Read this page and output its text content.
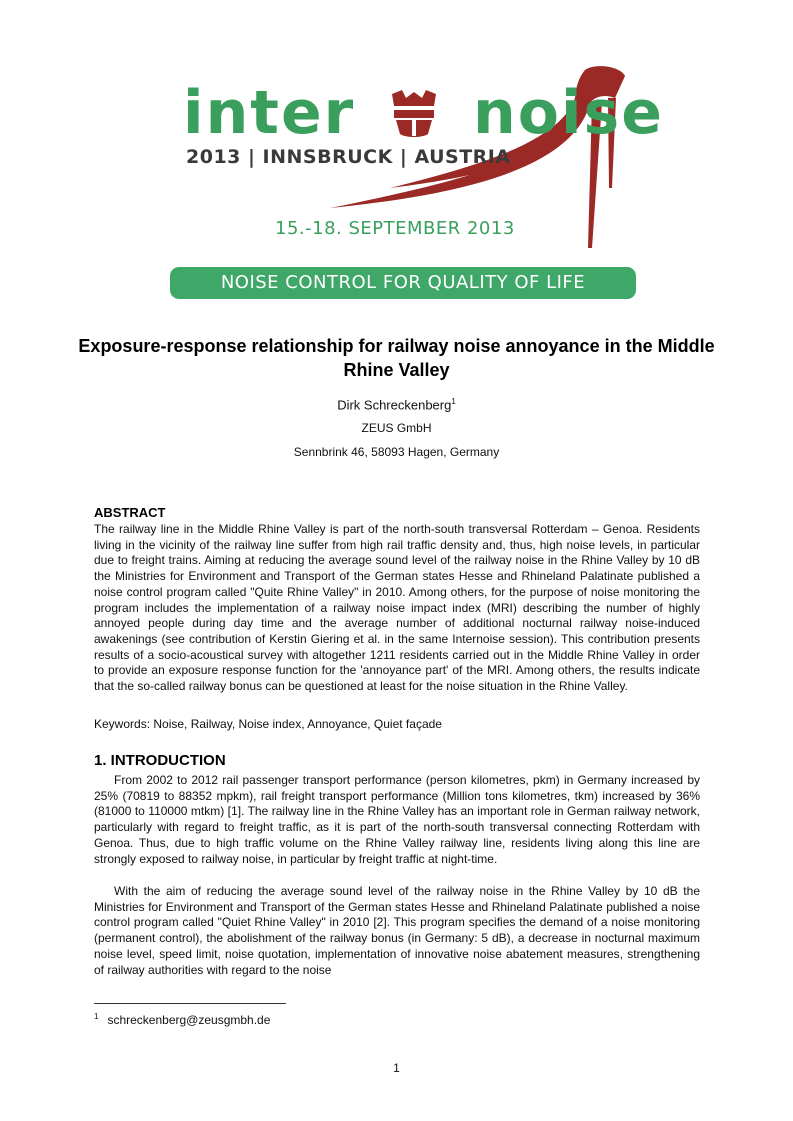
inter noise
2013 | INNSBRUCK | AUSTRIA
15.-18. SEPTEMBER 2013
NOISE CONTROL FOR QUALITY OF LIFE
Exposure-response relationship for railway noise annoyance in the Middle Rhine Valley
Dirk Schreckenberg$^1$
ZEUS GmbH
Sennbrink 46, 58093 Hagen, Germany
ABSTRACT

The railway line in the Middle Rhine Valley is part of the north-south transversal Rotterdam – Genoa. Residents living in the vicinity of the railway line suffer from high rail traffic density and, thus, high noise levels, in particular due to freight trains. Aiming at reducing the average sound level of the railway noise in the Rhine Valley by 10 dB the Ministries for Environment and Transport of the German states Hesse and Rhineland Palatinate published a noise control program called "Quite Rhine Valley" in 2010. Among others, for the purpose of noise monitoring the program includes the implementation of a railway noise impact index (MRI) describing the number of highly annoyed people during day time and the average number of additional nocturnal railway noise-induced awakenings (see contribution of Kerstin Giering et al. in the same Internoise session). This contribution presents results of a socio-acoustical survey with altogether 1211 residents carried out in the Middle Rhine Valley in order to provide an exposure response function for the 'annoyance part' of the MRI. Among others, the results indicate that the so-called railway bonus can be questioned at least for the noise situation in the Rhine Valley.

Keywords: Noise, Railway, Noise index, Annoyance, Quiet façade
1. INTRODUCTION

From 2002 to 2012 rail passenger transport performance (person kilometres, pkm) in Germany increased by 25% (70819 to 88352 mpkm), rail freight transport performance (Million tons kilometres, tkm) increased by 36% (81000 to 110000 mtkm) [1]. The railway line in the Rhine Valley has an important role in German railway network, particularly with regard to freight traffic, as it is part of the north-south transversal connecting Rotterdam with Genoa. Thus, due to high traffic volume on the Rhine Valley railway line, residents living along this line are strongly exposed to railway noise, in particular by freight traffic at night-time.

With the aim of reducing the average sound level of the railway noise in the Rhine Valley by 10 dB the Ministries for Environment and Transport of the German states Hesse and Rhineland Palatinate published a noise control program called "Quiet Rhine Valley" in 2010 [2]. This program specifies the demand of a noise monitoring (permanent control), the abolishment of the railway bonus (in Germany: 5 dB), a decrease in nocturnal maximum noise level, speed limit, noise quotation, implementation of innovative noise abatement measures, strengthening of railway authorities with regard to the noise

$^1$ schreckenberg@zeusgmbh.de
1
